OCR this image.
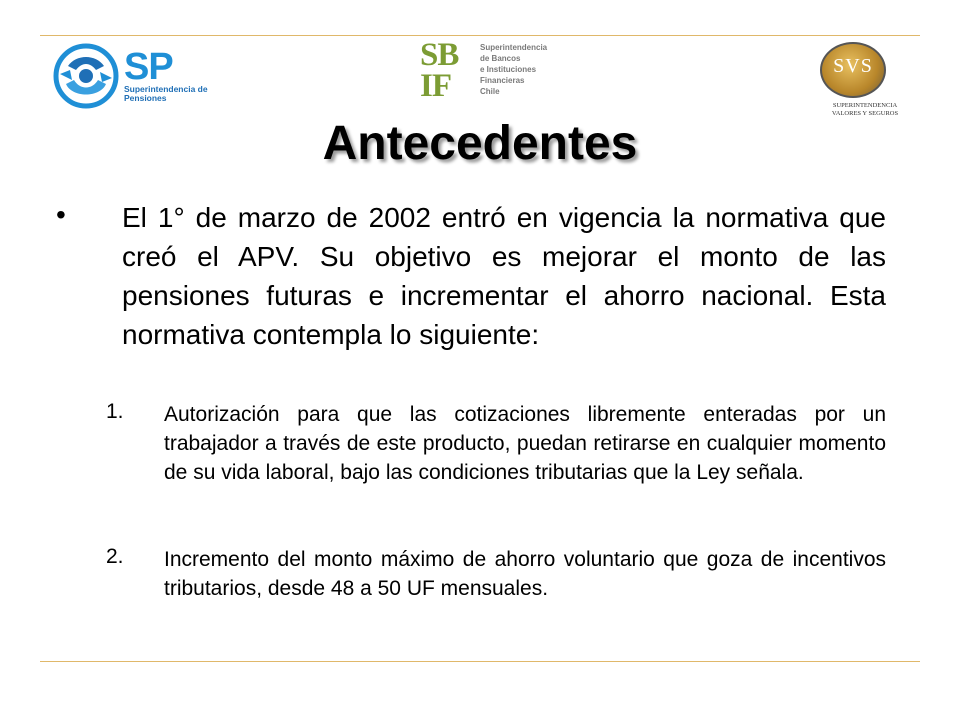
SP
Superintendencia de Pensiones
SB
IF
Superintendencia
de Bancos
e Instituciones
Financieras
Chile
SVS
SUPERINTENDENCIA
VALORES Y SEGUROS
Antecedentes
• El 1° de marzo de 2002 entró en vigencia la normativa que creó el APV. Su objetivo es mejorar el monto de las pensiones futuras e incrementar el ahorro nacional. Esta normativa contempla lo siguiente:

1. Autorización para que las cotizaciones libremente enteradas por un trabajador a través de este producto, puedan retirarse en cualquier momento de su vida laboral, bajo las condiciones tributarias que la Ley señala.

2. Incremento del monto máximo de ahorro voluntario que goza de incentivos tributarios, desde 48 a 50 UF mensuales.
